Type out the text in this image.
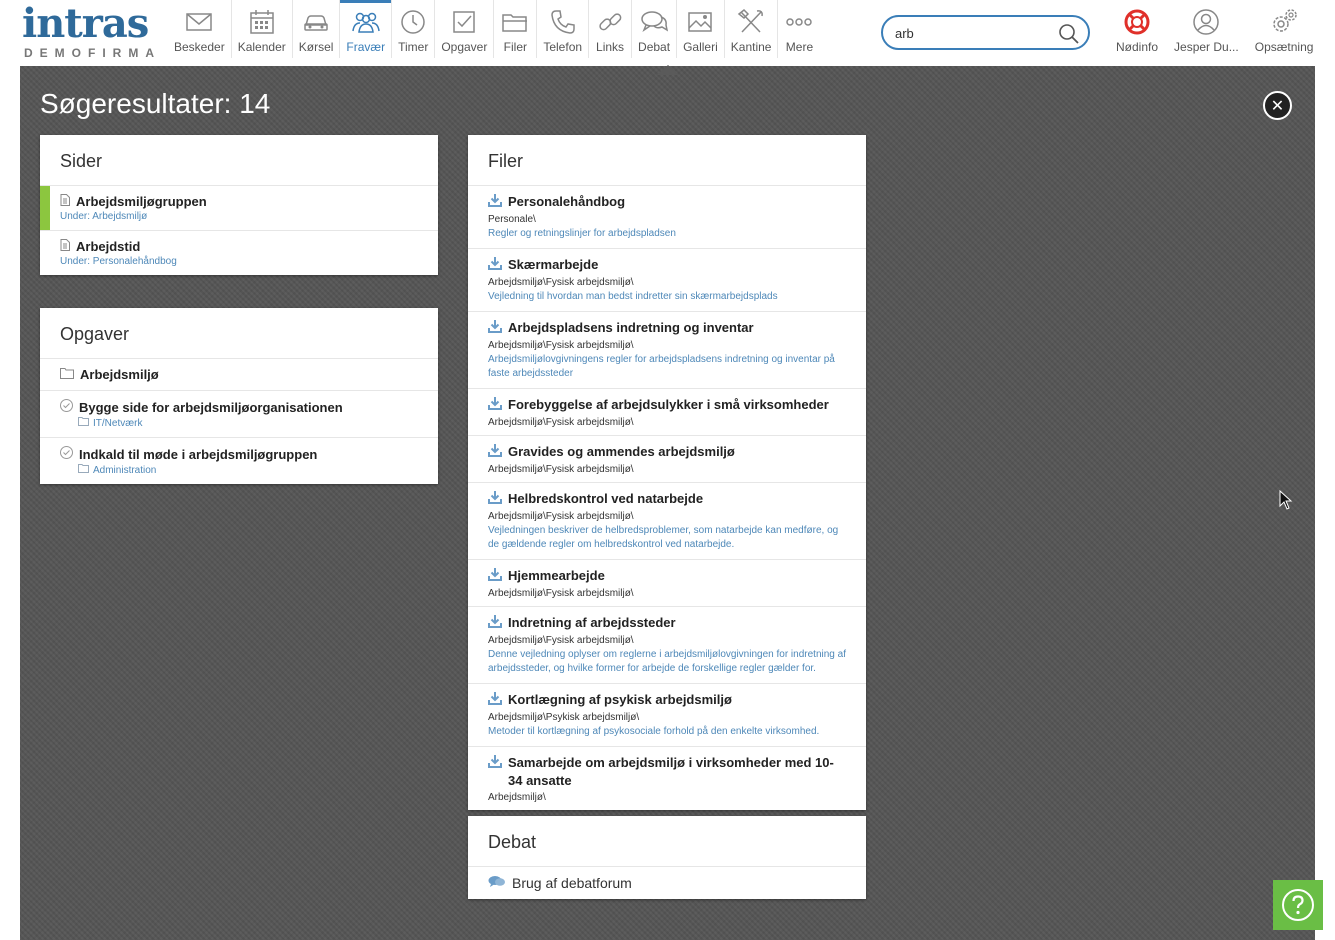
intras
DEMOFIRMA Beskeder Kalender Kørsel Fravær Timer Opgaver Filer Telefon Links Debat Galleri Kantine Mere
arb	Nødinfo Jesper Du... Opsætning
Søgeresultater: 14	✕
Sider
Arbejdsmiljøgruppen
Under: Arbejdsmiljø
Arbejdstid
Under: Personalehåndbog
Opgaver
Arbejdsmiljø
Bygge side for arbejdsmiljøorganisationen
IT/Netværk
Indkald til møde i arbejdsmiljøgruppen
Administration
Filer
Personalehåndbog
Personale\
Regler og retningslinjer for arbejdspladsen
Skærmarbejde
Arbejdsmiljø\Fysisk arbejdsmiljø\
Vejledning til hvordan man bedst indretter sin skærmarbejdsplads
Arbejdspladsens indretning og inventar
Arbejdsmiljø\Fysisk arbejdsmiljø\
Arbejdsmiljølovgivningens regler for arbejdspladsens indretning og inventar på faste arbejdssteder
Forebyggelse af arbejdsulykker i små virksomheder
Arbejdsmiljø\Fysisk arbejdsmiljø\
Gravides og ammendes arbejdsmiljø
Arbejdsmiljø\Fysisk arbejdsmiljø\
Helbredskontrol ved natarbejde
Arbejdsmiljø\Fysisk arbejdsmiljø\
Vejledningen beskriver de helbredsproblemer, som natarbejde kan medføre, og de gældende regler om helbredskontrol ved natarbejde.
Hjemmearbejde
Arbejdsmiljø\Fysisk arbejdsmiljø\
Indretning af arbejdssteder
Arbejdsmiljø\Fysisk arbejdsmiljø\
Denne vejledning oplyser om reglerne i arbejdsmiljølovgivningen for indretning af arbejdssteder, og hvilke former for arbejde de forskellige regler gælder for.
Kortlægning af psykisk arbejdsmiljø
Arbejdsmiljø\Psykisk arbejdsmiljø\
Metoder til kortlægning af psykosociale forhold på den enkelte virksomhed.
Samarbejde om arbejdsmiljø i virksomheder med 10-34 ansatte
Arbejdsmiljø\
Debat
Brug af debatforum
